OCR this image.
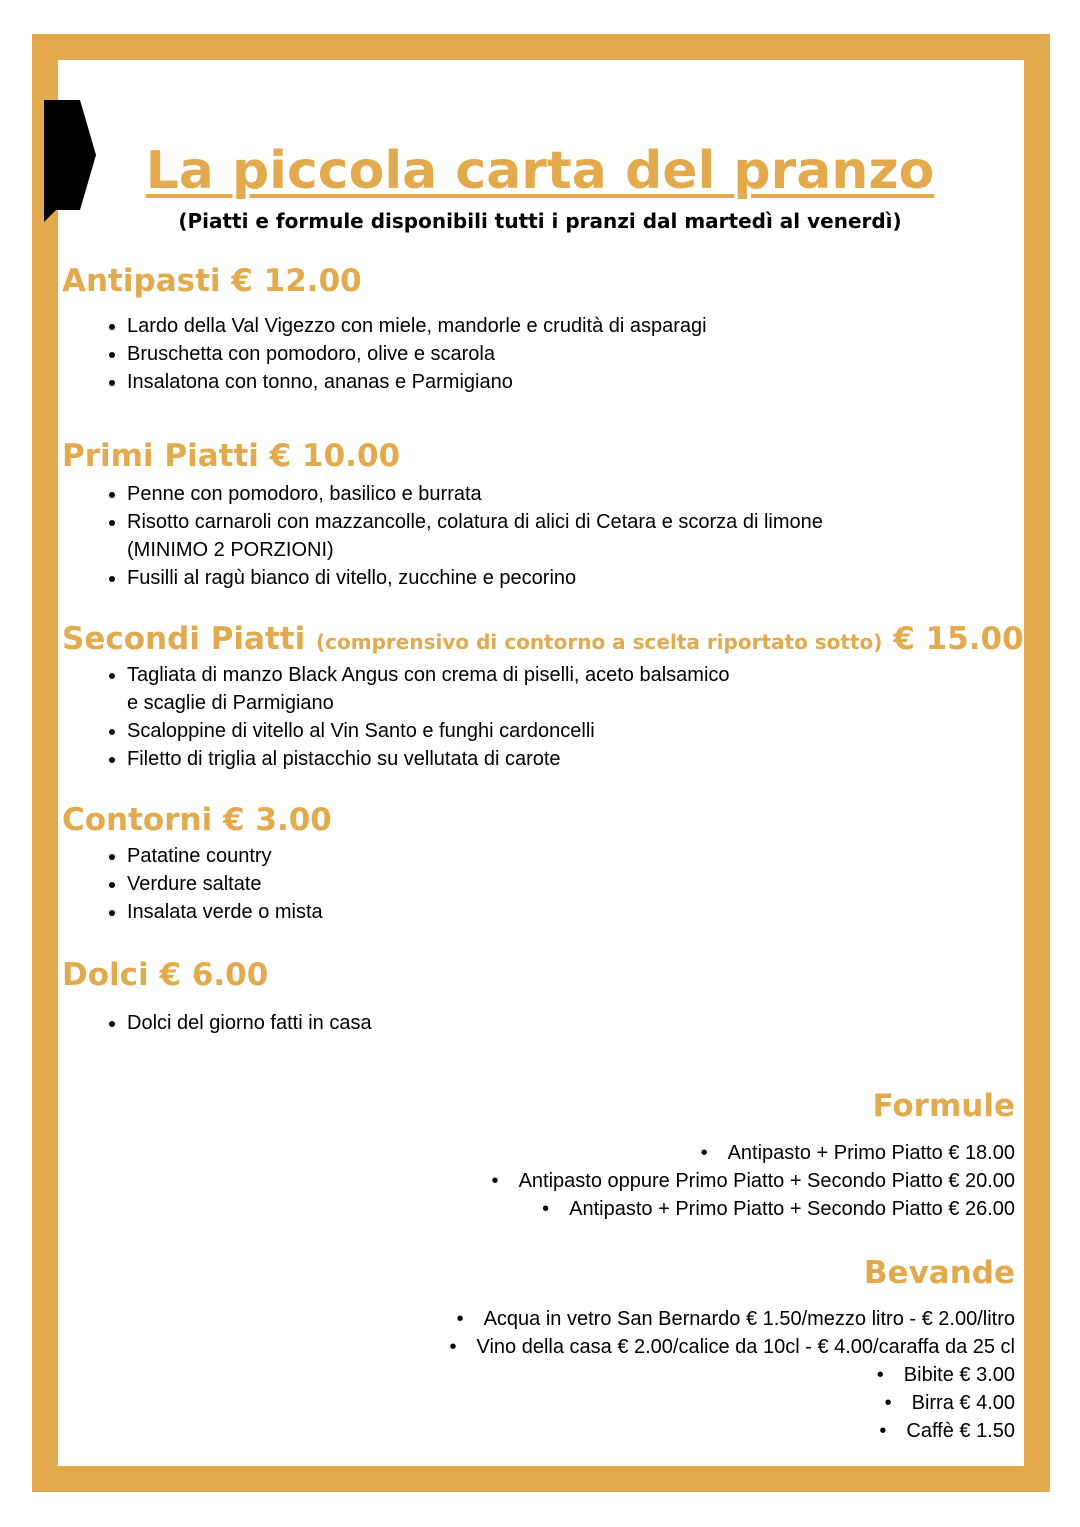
La piccola carta del pranzo
(Piatti e formule disponibili tutti i pranzi dal martedì al venerdì)
Antipasti € 12.00
• Lardo della Val Vigezzo con miele, mandorle e crudità di asparagi
• Bruschetta con pomodoro, olive e scarola
• Insalatona con tonno, ananas e Parmigiano
Primi Piatti € 10.00
• Penne con pomodoro, basilico e burrata
• Risotto carnaroli con mazzancolle, colatura di alici di Cetara e scorza di limone
(MINIMO 2 PORZIONI)
• Fusilli al ragù bianco di vitello, zucchine e pecorino
Secondi Piatti (comprensivo di contorno a scelta riportato sotto) € 15.00
• Tagliata di manzo Black Angus con crema di piselli, aceto balsamico
e scaglie di Parmigiano
• Scaloppine di vitello al Vin Santo e funghi cardoncelli
• Filetto di triglia al pistacchio su vellutata di carote
Contorni € 3.00
• Patatine country
• Verdure saltate
• Insalata verde o mista
Dolci € 6.00
• Dolci del giorno fatti in casa
Formule
• Antipasto + Primo Piatto € 18.00
• Antipasto oppure Primo Piatto + Secondo Piatto € 20.00
• Antipasto + Primo Piatto + Secondo Piatto € 26.00
Bevande
• Acqua in vetro San Bernardo € 1.50/mezzo litro - € 2.00/litro
• Vino della casa € 2.00/calice da 10cl - € 4.00/caraffa da 25 cl
• Bibite € 3.00
• Birra € 4.00
• Caffè € 1.50
